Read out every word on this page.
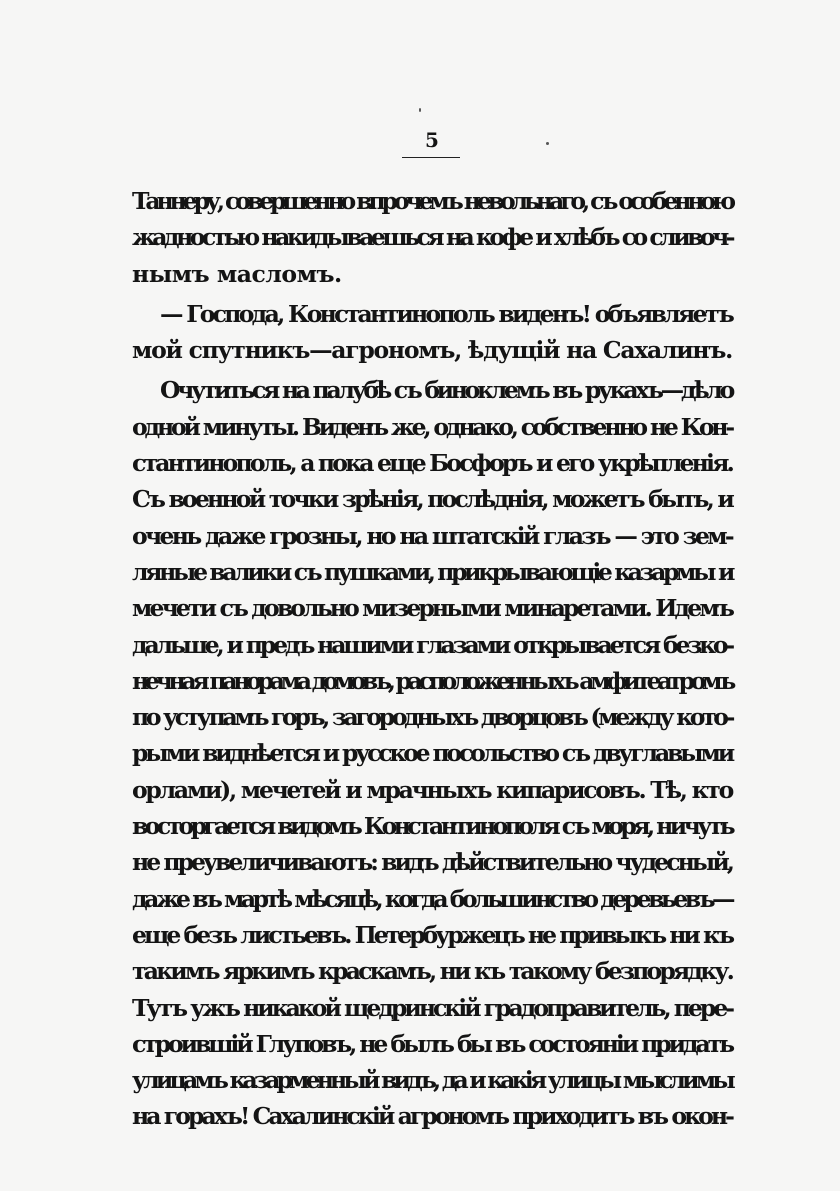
5
Таннеру, совершенно впрочемъ невольнаго, съ особенною
жадностью накидываешься на кофе и хлѣбъ со сливоч-
нымъ масломъ.
— Господа, Константинополь виденъ! объявляетъ
мой спутникъ—агрономъ, ѣдущій на Сахалинъ.
Очутиться на палубѣ съ биноклемъ въ рукахъ—дѣло
одной минуты. Виденъ же, однако, собственно не Кон-
стантинополь, а пока еще Босфоръ и его укрѣпленія.
Съ военной точки зрѣнія, послѣднія, можетъ быть, и
очень даже грозны, но на штатскій глазъ — это зем-
ляные валики съ пушками, прикрывающіе казармы и
мечети съ довольно мизерными минаретами. Идемъ
дальше, и предъ нашими глазами открывается безко-
нечная панорама домовъ, расположенныхъ амфитеатромъ
по уступамъ горъ, загородныхъ дворцовъ (между кото-
рыми виднѣется и русское посольство съ двуглавыми
орлами), мечетей и мрачныхъ кипарисовъ. Тѣ, кто
восторгается видомъ Константинополя съ моря, ничуть
не преувеличиваютъ: видъ дѣйствительно чудесный,
даже въ мартѣ мѣсяцѣ, когда большинство деревьевъ—
еще безъ листьевъ. Петербуржецъ не привыкъ ни къ
такимъ яркимъ краскамъ, ни къ такому безпорядку.
Тутъ ужъ никакой щедринскій градоправитель, пере-
строившій Глуповъ, не былъ бы въ состояніи придать
улицамъ казарменный видъ, да и какія улицы мыслимы
на горахъ! Сахалинскій агрономъ приходитъ въ окон-
